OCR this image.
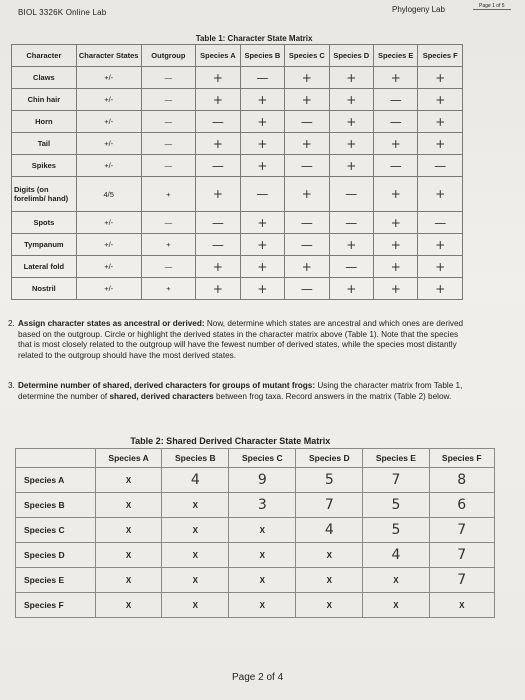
BIOL 3326K Online Lab	Phylogeny Lab	Page 1 of 5
			Table 1: Character State Matrix					
Character	Character States	Outgroup	Species A	Species B	Species C	Species D	Species E	Species F
Claws	+/-	—	+	—	+	+	+	+
Chin hair	+/-	—	+	+	+	+	—	+
Horn	+/-	—	—	+	—	+	—	+
Tail	+/-	—	+	+	+	+	+	+
Spikes	+/-	—	—	+	—	+	—	—
Digits (on forelimb/ hand)	4/5	+	+	—	+	—	+	+
Spots	+/-	—	—	+	—	—	+	—
Tympanum	+/-	+	—	+	—	+	+	+
Lateral fold	+/-	—	+	+	+	—	+	+
Nostril	+/-	+	+	+	—	+	+	+
2. Assign character states as ancestral or derived: Now, determine which states are ancestral and which ones are derived based on the outgroup. Circle or highlight the derived states in the character matrix above (Table 1). Note that the species that is most closely related to the outgroup will have the fewest number of derived states, while the species most distantly related to the outgroup should have the most derived states.
3. Determine number of shared, derived characters for groups of mutant frogs: Using the character matrix from Table 1, determine the number of shared, derived characters between frog taxa. Record answers in the matrix (Table 2) below.
	Table 2: Shared Derived Character State Matrix					
	Species A	Species B	Species C	Species D	Species E	Species F
Species A	X	4	9	5	7	8
Species B	X	X	3	7	5	6
Species C	X	X	X	4	5	7
Species D	X	X	X	X	4	7
Species E	X	X	X	X	X	7
Species F	X	X	X	X	X	X
Page 2 of 4
